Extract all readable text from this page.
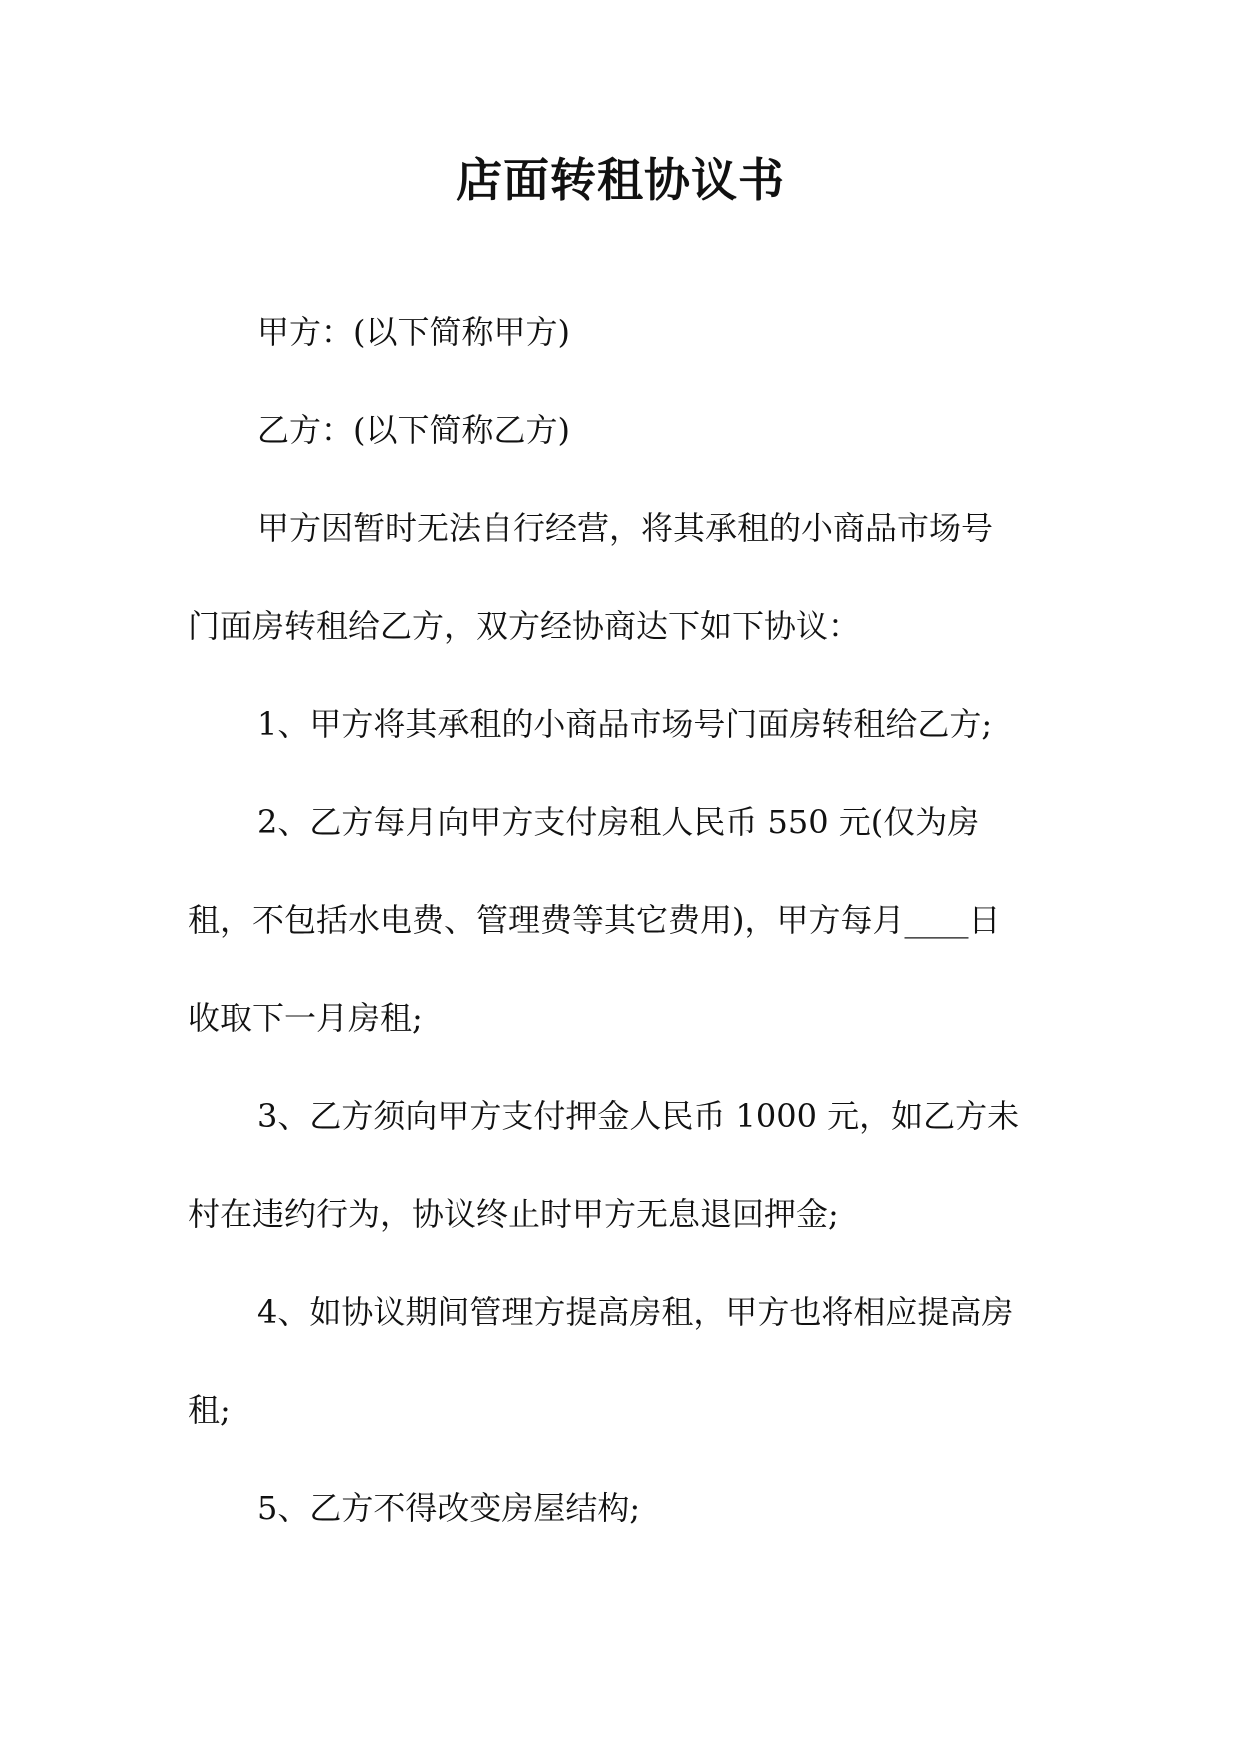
店面转租协议书
甲方：(以下简称甲方)
乙方：(以下简称乙方)
甲方因暂时无法自行经营，将其承租的小商品市场号
门面房转租给乙方，双方经协商达下如下协议：
1、甲方将其承租的小商品市场号门面房转租给乙方;
2、乙方每月向甲方支付房租人民币 550 元(仅为房
租，不包括水电费、管理费等其它费用)，甲方每月____日
收取下一月房租;
3、乙方须向甲方支付押金人民币 1000 元，如乙方未
村在违约行为，协议终止时甲方无息退回押金;
4、如协议期间管理方提高房租，甲方也将相应提高房
租;
5、乙方不得改变房屋结构;
